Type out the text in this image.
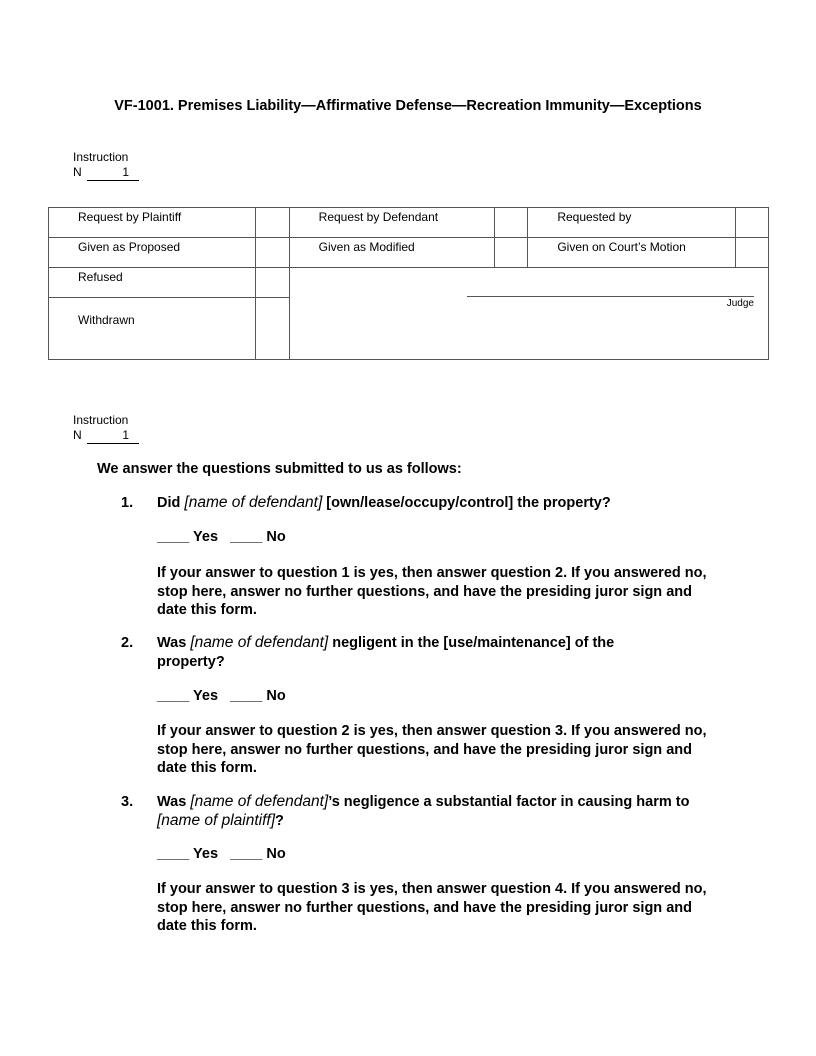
VF-1001. Premises Liability—Affirmative Defense—Recreation Immunity—Exceptions
Instruction
N	1
Request by Plaintiff		Request by Defendant		Requested by	
Given as Proposed		Given as Modified		Given on Court’s Motion	
Refused		Judge			

Withdrawn					
Instruction
N	1
We answer the questions submitted to us as follows:
1. Did [name of defendant] [own/lease/occupy/control] the property?
____ Yes   ____ No
If your answer to question 1 is yes, then answer question 2. If you answered no, stop here, answer no further questions, and have the presiding juror sign and date this form.
2. Was [name of defendant] negligent in the [use/maintenance] of the property?
____ Yes   ____ No
If your answer to question 2 is yes, then answer question 3. If you answered no, stop here, answer no further questions, and have the presiding juror sign and date this form.
3. Was [name of defendant]’s negligence a substantial factor in causing harm to [name of plaintiff]?
____ Yes   ____ No
If your answer to question 3 is yes, then answer question 4. If you answered no, stop here, answer no further questions, and have the presiding juror sign and date this form.
